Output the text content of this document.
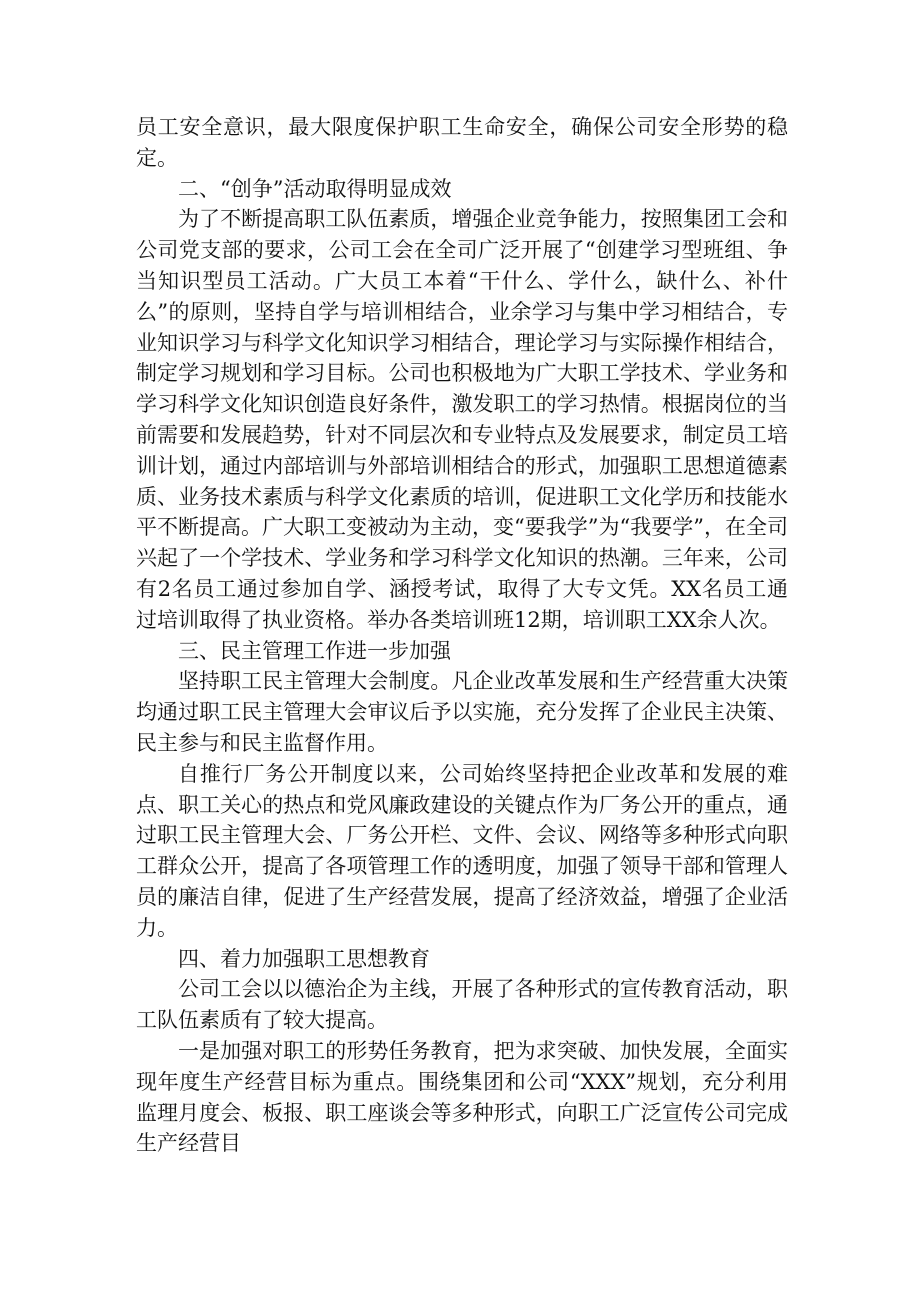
员工安全意识，最大限度保护职工生命安全，确保公司安全形势的稳定。

二、“创争”活动取得明显成效

为了不断提高职工队伍素质，增强企业竞争能力，按照集团工会和公司党支部的要求，公司工会在全司广泛开展了“创建学习型班组、争当知识型员工活动。广大员工本着“干什么、学什么，缺什么、补什么”的原则，坚持自学与培训相结合，业余学习与集中学习相结合，专业知识学习与科学文化知识学习相结合，理论学习与实际操作相结合，制定学习规划和学习目标。公司也积极地为广大职工学技术、学业务和学习科学文化知识创造良好条件，激发职工的学习热情。根据岗位的当前需要和发展趋势，针对不同层次和专业特点及发展要求，制定员工培训计划，通过内部培训与外部培训相结合的形式，加强职工思想道德素质、业务技术素质与科学文化素质的培训，促进职工文化学历和技能水平不断提高。广大职工变被动为主动，变“要我学”为“我要学”，在全司兴起了一个学技术、学业务和学习科学文化知识的热潮。三年来，公司有2名员工通过参加自学、涵授考试，取得了大专文凭。XX名员工通过培训取得了执业资格。举办各类培训班12期，培训职工XX余人次。

三、民主管理工作进一步加强

坚持职工民主管理大会制度。凡企业改革发展和生产经营重大决策均通过职工民主管理大会审议后予以实施，充分发挥了企业民主决策、民主参与和民主监督作用。

自推行厂务公开制度以来，公司始终坚持把企业改革和发展的难点、职工关心的热点和党风廉政建设的关键点作为厂务公开的重点，通过职工民主管理大会、厂务公开栏、文件、会议、网络等多种形式向职工群众公开，提高了各项管理工作的透明度，加强了领导干部和管理人员的廉洁自律，促进了生产经营发展，提高了经济效益，增强了企业活力。

四、着力加强职工思想教育

公司工会以以德治企为主线，开展了各种形式的宣传教育活动，职工队伍素质有了较大提高。

一是加强对职工的形势任务教育，把为求突破、加快发展，全面实现年度生产经营目标为重点。围绕集团和公司“XXX”规划，充分利用监理月度会、板报、职工座谈会等多种形式，向职工广泛宣传公司完成生产经营目
